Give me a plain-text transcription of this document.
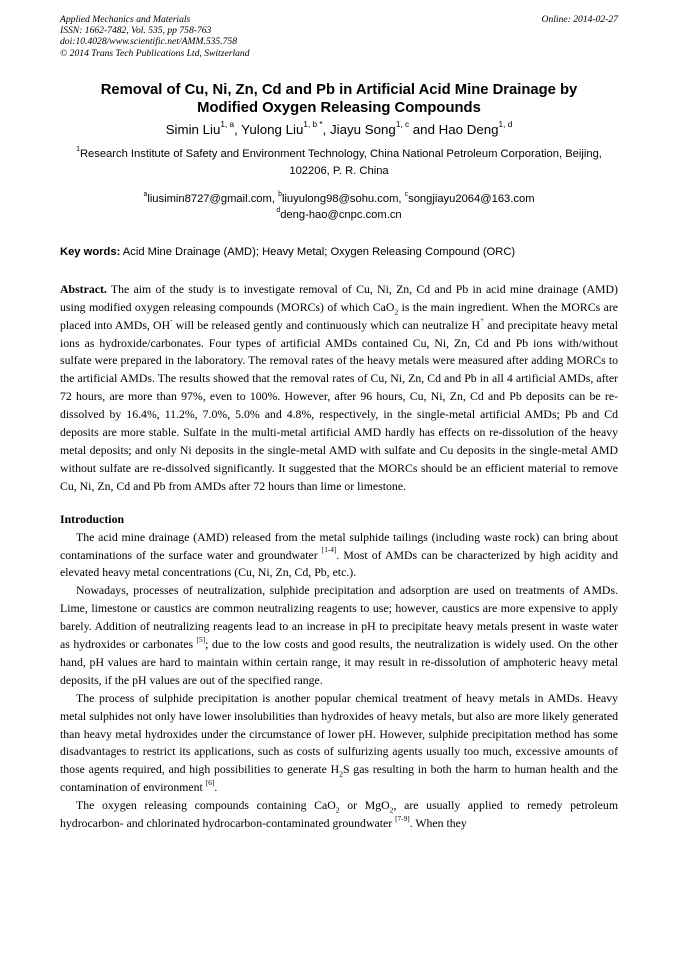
Applied Mechanics and Materials
ISSN: 1662-7482, Vol. 535, pp 758-763
doi:10.4028/www.scientific.net/AMM.535.758
© 2014 Trans Tech Publications Ltd, Switzerland
Online: 2014-02-27
Removal of Cu, Ni, Zn, Cd and Pb in Artificial Acid Mine Drainage by
Modified Oxygen Releasing Compounds
Simin Liu$^{1, a}$, Yulong Liu$^{1, b *}$, Jiayu Song$^{1, c}$ and Hao Deng$^{1, d}$
$^1$Research Institute of Safety and Environment Technology, China National Petroleum Corporation, Beijing, 102206, P. R. China
$^a$liusimin8727@gmail.com, $^b$liuyulong98@sohu.com, $^c$songjiayu2064@163.com
$^d$deng-hao@cnpc.com.cn
Key words: Acid Mine Drainage (AMD); Heavy Metal; Oxygen Releasing Compound (ORC)
Abstract. The aim of the study is to investigate removal of Cu, Ni, Zn, Cd and Pb in acid mine drainage (AMD) using modified oxygen releasing compounds (MORCs) of which CaO$_2$ is the main ingredient. When the MORCs are placed into AMDs, OH- will be released gently and continuously which can neutralize H+ and precipitate heavy metal ions as hydroxide/carbonates. Four types of artificial AMDs contained Cu, Ni, Zn, Cd and Pb ions with/without sulfate were prepared in the laboratory. The removal rates of the heavy metals were measured after adding MORCs to the artificial AMDs. The results showed that the removal rates of Cu, Ni, Zn, Cd and Pb in all 4 artificial AMDs, after 72 hours, are more than 97%, even to 100%. However, after 96 hours, Cu, Ni, Zn, Cd and Pb deposits can be re-dissolved by 16.4%, 11.2%, 7.0%, 5.0% and 4.8%, respectively, in the single-metal artificial AMDs; Pb and Cd deposits are more stable. Sulfate in the multi-metal artificial AMD hardly has effects on re-dissolution of the heavy metal deposits; and only Ni deposits in the single-metal AMD with sulfate and Cu deposits in the single-metal AMD without sulfate are re-dissolved significantly. It suggested that the MORCs should be an efficient material to remove Cu, Ni, Zn, Cd and Pb from AMDs after 72 hours than lime or limestone.
Introduction

The acid mine drainage (AMD) released from the metal sulphide tailings (including waste rock) can bring about contaminations of the surface water and groundwater [1-4]. Most of AMDs can be characterized by high acidity and elevated heavy metal concentrations (Cu, Ni, Zn, Cd, Pb, etc.).

Nowadays, processes of neutralization, sulphide precipitation and adsorption are used on treatments of AMDs. Lime, limestone or caustics are common neutralizing reagents to use; however, caustics are more expensive to apply barely. Addition of neutralizing reagents lead to an increase in pH to precipitate heavy metals present in waste water as hydroxides or carbonates [5]; due to the low costs and good results, the neutralization is widely used. On the other hand, pH values are hard to maintain within certain range, it may result in re-dissolution of amphoteric heavy metal deposits, if the pH values are out of the specified range.

The process of sulphide precipitation is another popular chemical treatment of heavy metals in AMDs. Heavy metal sulphides not only have lower insolubilities than hydroxides of heavy metals, but also are more likely generated than heavy metal hydroxides under the circumstance of lower pH. However, sulphide precipitation method has some disadvantages to restrict its applications, such as costs of sulfurizing agents usually too much, excessive amounts of those agents required, and high possibilities to generate $H_2S$ gas resulting in both the harm to human health and the contamination of environment [6].

The oxygen releasing compounds containing CaO$_2$ or MgO$_2$, are usually applied to remedy petroleum hydrocarbon- and chlorinated hydrocarbon-contaminated groundwater [7-9]. When they
